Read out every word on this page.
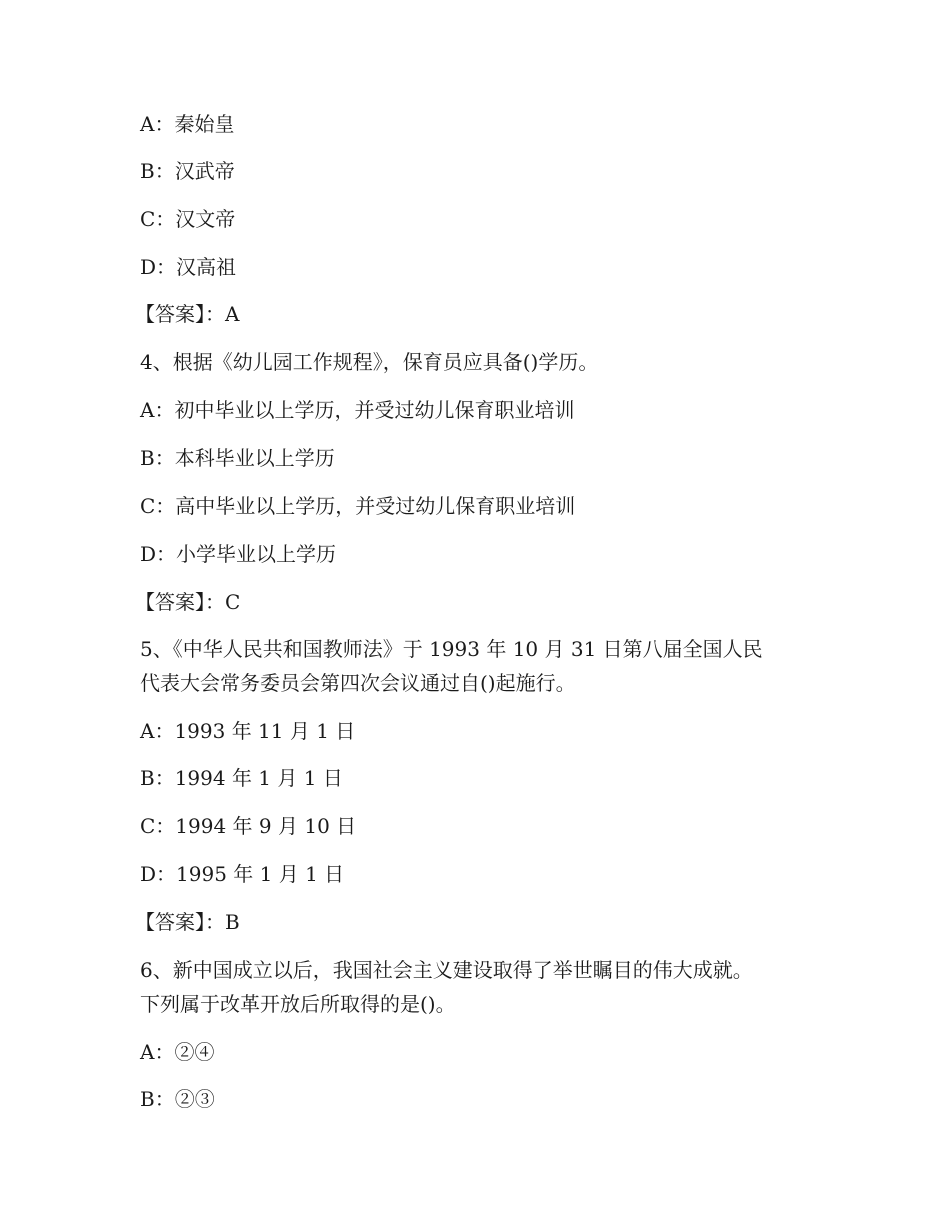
A：秦始皇
B：汉武帝
C：汉文帝
D：汉高祖
【答案】：A
4、根据《幼儿园工作规程》，保育员应具备()学历。
A：初中毕业以上学历，并受过幼儿保育职业培训
B：本科毕业以上学历
C：高中毕业以上学历，并受过幼儿保育职业培训
D：小学毕业以上学历
【答案】：C
5、《中华人民共和国教师法》于 1993 年 10 月 31 日第八届全国人民
代表大会常务委员会第四次会议通过自()起施行。
A：1993 年 11 月 1 日
B：1994 年 1 月 1 日
C：1994 年 9 月 10 日
D：1995 年 1 月 1 日
【答案】：B
6、新中国成立以后，我国社会主义建设取得了举世瞩目的伟大成就。
下列属于改革开放后所取得的是()。
A：②④
B：②③
